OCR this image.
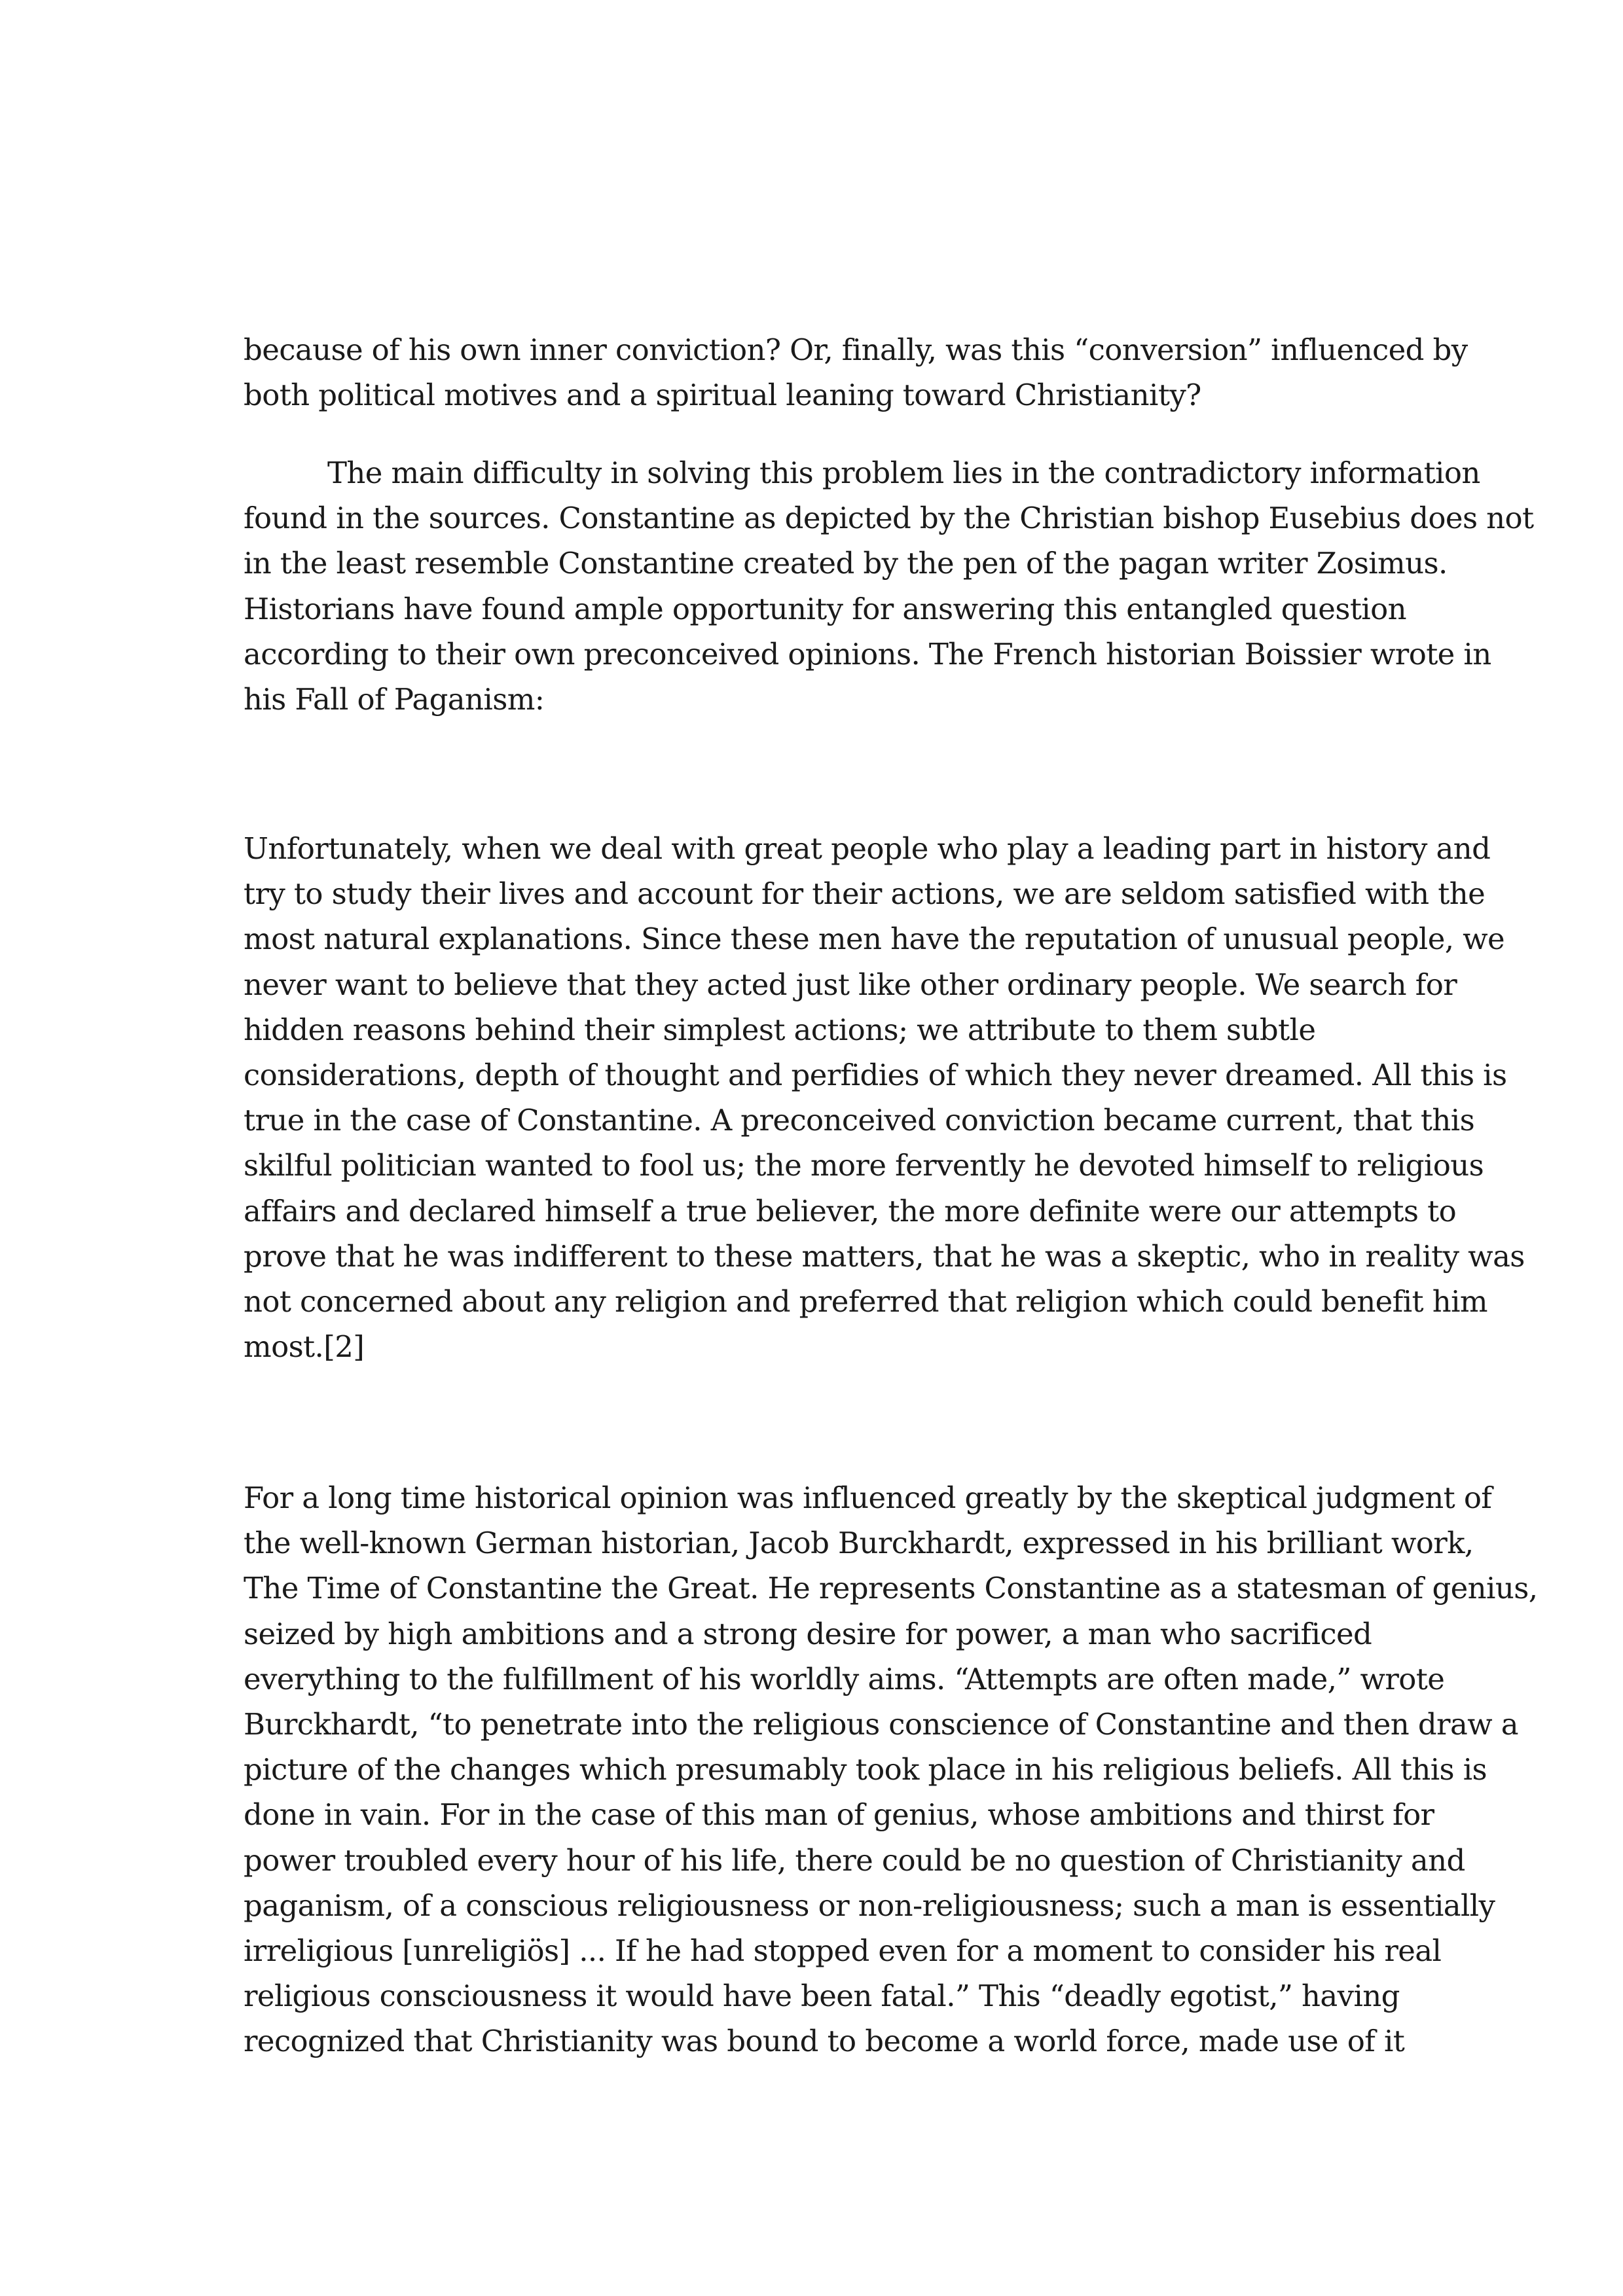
because of his own inner conviction? Or, finally, was this “conversion” influenced by
both political motives and a spiritual leaning toward Christianity?

The main difficulty in solving this problem lies in the contradictory information
found in the sources. Constantine as depicted by the Christian bishop Eusebius does not
in the least resemble Constantine created by the pen of the pagan writer Zosimus.
Historians have found ample opportunity for answering this entangled question
according to their own preconceived opinions. The French historian Boissier wrote in
his Fall of Paganism:

Unfortunately, when we deal with great people who play a leading part in history and
try to study their lives and account for their actions, we are seldom satisfied with the
most natural explanations. Since these men have the reputation of unusual people, we
never want to believe that they acted just like other ordinary people. We search for
hidden reasons behind their simplest actions; we attribute to them subtle
considerations, depth of thought and perfidies of which they never dreamed. All this is
true in the case of Constantine. A preconceived conviction became current, that this
skilful politician wanted to fool us; the more fervently he devoted himself to religious
affairs and declared himself a true believer, the more definite were our attempts to
prove that he was indifferent to these matters, that he was a skeptic, who in reality was
not concerned about any religion and preferred that religion which could benefit him
most.[2]

For a long time historical opinion was influenced greatly by the skeptical judgment of
the well-known German historian, Jacob Burckhardt, expressed in his brilliant work,
The Time of Constantine the Great. He represents Constantine as a statesman of genius,
seized by high ambitions and a strong desire for power, a man who sacrificed
everything to the fulfillment of his worldly aims. “Attempts are often made,” wrote
Burckhardt, “to penetrate into the religious conscience of Constantine and then draw a
picture of the changes which presumably took place in his religious beliefs. All this is
done in vain. For in the case of this man of genius, whose ambitions and thirst for
power troubled every hour of his life, there could be no question of Christianity and
paganism, of a conscious religiousness or non-religiousness; such a man is essentially
irreligious [unreligiös] ... If he had stopped even for a moment to consider his real
religious consciousness it would have been fatal.” This “deadly egotist,” having
recognized that Christianity was bound to become a world force, made use of it
